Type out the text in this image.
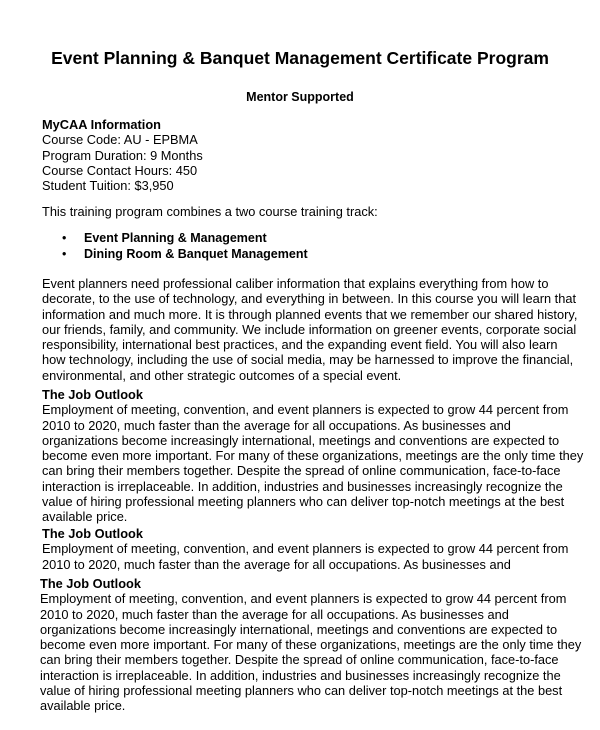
Event Planning & Banquet Management Certificate Program
Mentor Supported
MyCAA Information
Course Code: AU - EPBMA
Program Duration: 9 Months
Course Contact Hours: 450
Student Tuition: $3,950
This training program combines a two course training track:
• Event Planning & Management
• Dining Room & Banquet Management
Event planners need professional caliber information that explains everything from how to
decorate, to the use of technology, and everything in between. In this course you will learn that
information and much more. It is through planned events that we remember our shared history,
our friends, family, and community. We include information on greener events, corporate social
responsibility, international best practices, and the expanding event field. You will also learn
how technology, including the use of social media, may be harnessed to improve the financial,
environmental, and other strategic outcomes of a special event.
The Job Outlook
Employment of meeting, convention, and event planners is expected to grow 44 percent from
2010 to 2020, much faster than the average for all occupations. As businesses and
organizations become increasingly international, meetings and conventions are expected to
become even more important. For many of these organizations, meetings are the only time they
can bring their members together. Despite the spread of online communication, face-to-face
interaction is irreplaceable. In addition, industries and businesses increasingly recognize the
value of hiring professional meeting planners who can deliver top-notch meetings at the best
available price.
The Job Outlook
Employment of meeting, convention, and event planners is expected to grow 44 percent from
2010 to 2020, much faster than the average for all occupations. As businesses and
The Job Outlook
Employment of meeting, convention, and event planners is expected to grow 44 percent from
2010 to 2020, much faster than the average for all occupations. As businesses and
organizations become increasingly international, meetings and conventions are expected to
become even more important. For many of these organizations, meetings are the only time they
can bring their members together. Despite the spread of online communication, face-to-face
interaction is irreplaceable. In addition, industries and businesses increasingly recognize the
value of hiring professional meeting planners who can deliver top-notch meetings at the best
available price.
